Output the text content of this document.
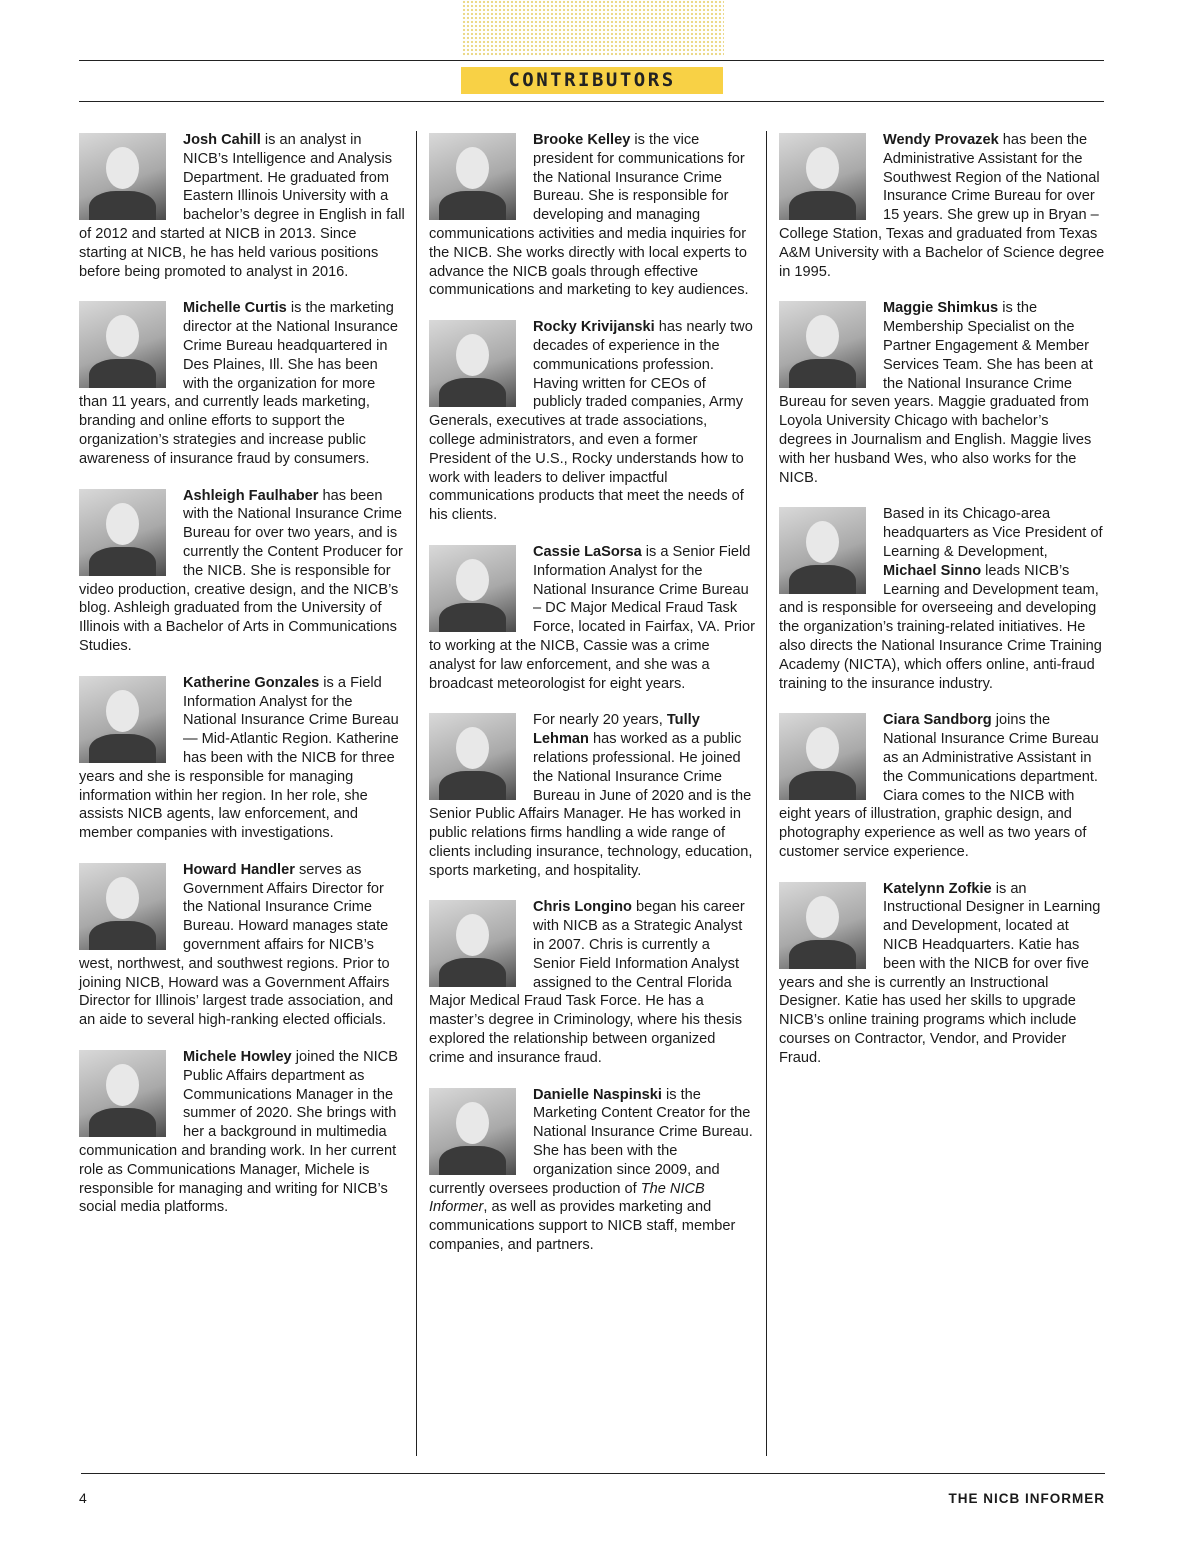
CONTRIBUTORS
Josh Cahill is an analyst in NICB’s Intelligence and Analysis Department. He graduated from Eastern Illinois University with a bachelor’s degree in English in fall of 2012 and started at NICB in 2013. Since starting at NICB, he has held various positions before being promoted to analyst in 2016.
Michelle Curtis is the marketing director at the National Insurance Crime Bureau headquartered in Des Plaines, Ill. She has been with the organization for more than 11 years, and currently leads marketing, branding and online efforts to support the organization’s strategies and increase public awareness of insurance fraud by consumers.
Ashleigh Faulhaber has been with the National Insurance Crime Bureau for over two years, and is currently the Content Producer for the NICB. She is responsible for video production, creative design, and the NICB’s blog. Ashleigh graduated from the University of Illinois with a Bachelor of Arts in Communications Studies.
Katherine Gonzales is a Field Information Analyst for the National Insurance Crime Bureau — Mid-Atlantic Region. Katherine has been with the NICB for three years and she is responsible for managing information within her region. In her role, she assists NICB agents, law enforcement, and member companies with investigations.
Howard Handler serves as Government Affairs Director for the National Insurance Crime Bureau. Howard manages state government affairs for NICB’s west, northwest, and southwest regions. Prior to joining NICB, Howard was a Government Affairs Director for Illinois’ largest trade association, and an aide to several high-ranking elected officials.
Michele Howley joined the NICB Public Affairs department as Communications Manager in the summer of 2020. She brings with her a background in multimedia communication and branding work. In her current role as Communications Manager, Michele is responsible for managing and writing for NICB’s social media platforms.
Brooke Kelley is the vice president for communications for the National Insurance Crime Bureau. She is responsible for developing and managing communications activities and media inquiries for the NICB. She works directly with local experts to advance the NICB goals through effective communications and marketing to key audiences.
Rocky Krivijanski has nearly two decades of experience in the communications profession. Having written for CEOs of publicly traded companies, Army Generals, executives at trade associations, college administrators, and even a former President of the U.S., Rocky understands how to work with leaders to deliver impactful communications products that meet the needs of his clients.
Cassie LaSorsa is a Senior Field Information Analyst for the National Insurance Crime Bureau – DC Major Medical Fraud Task Force, located in Fairfax, VA. Prior to working at the NICB, Cassie was a crime analyst for law enforcement, and she was a broadcast meteorologist for eight years.
For nearly 20 years, Tully Lehman has worked as a public relations professional. He joined the National Insurance Crime Bureau in June of 2020 and is the Senior Public Affairs Manager. He has worked in public relations firms handling a wide range of clients including insurance, technology, education, sports marketing, and hospitality.
Chris Longino began his career with NICB as a Strategic Analyst in 2007. Chris is currently a Senior Field Information Analyst assigned to the Central Florida Major Medical Fraud Task Force. He has a master’s degree in Criminology, where his thesis explored the relationship between organized crime and insurance fraud.
Danielle Naspinski is the Marketing Content Creator for the National Insurance Crime Bureau. She has been with the organization since 2009, and currently oversees production of The NICB Informer, as well as provides marketing and communications support to NICB staff, member companies, and partners.
Wendy Provazek has been the Administrative Assistant for the Southwest Region of the National Insurance Crime Bureau for over 15 years. She grew up in Bryan – College Station, Texas and graduated from Texas A&M University with a Bachelor of Science degree in 1995.
Maggie Shimkus is the Membership Specialist on the Partner Engagement & Member Services Team. She has been at the National Insurance Crime Bureau for seven years. Maggie graduated from Loyola University Chicago with bachelor’s degrees in Journalism and English. Maggie lives with her husband Wes, who also works for the NICB.
Based in its Chicago-area headquarters as Vice President of Learning & Development, Michael Sinno leads NICB’s Learning and Development team, and is responsible for overseeing and developing the organization’s training-related initiatives. He also directs the National Insurance Crime Training Academy (NICTA), which offers online, anti-fraud training to the insurance industry.
Ciara Sandborg joins the National Insurance Crime Bureau as an Administrative Assistant in the Communications department. Ciara comes to the NICB with eight years of illustration, graphic design, and photography experience as well as two years of customer service experience.
Katelynn Zofkie is an Instructional Designer in Learning and Development, located at NICB Headquarters. Katie has been with the NICB for over five years and she is currently an Instructional Designer. Katie has used her skills to upgrade NICB’s online training programs which include courses on Contractor, Vendor, and Provider Fraud.
4	THE NICB INFORMER
